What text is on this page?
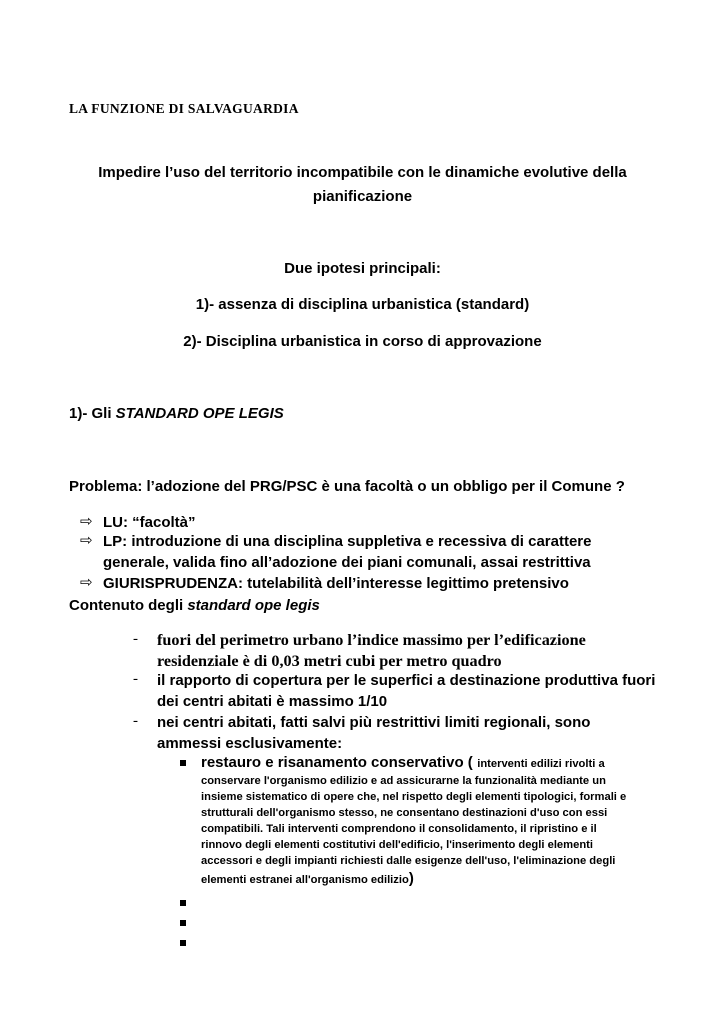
LA FUNZIONE DI SALVAGUARDIA
Impedire l’uso del territorio incompatibile con le dinamiche evolutive della
pianificazione
Due ipotesi principali:
1)- assenza di disciplina urbanistica (standard)
2)- Disciplina urbanistica in corso di approvazione
1)- Gli STANDARD OPE LEGIS
Problema: l’adozione del PRG/PSC è una facoltà o un obbligo per il Comune ?
⇨ LU: “facoltà”
⇨ LP: introduzione di una disciplina suppletiva e recessiva di carattere
generale, valida fino all’adozione dei piani comunali, assai restrittiva
⇨ GIURISPRUDENZA: tutelabilità dell’interesse legittimo pretensivo
Contenuto degli standard ope legis
- fuori del perimetro urbano l’indice massimo per l’edificazione
residenziale è di 0,03 metri cubi per metro quadro
- il rapporto di copertura per le superfici a destinazione produttiva fuori
dei centri abitati è massimo 1/10
- nei centri abitati, fatti salvi più restrittivi limiti regionali, sono
ammessi esclusivamente:
restauro e risanamento conservativo ( interventi edilizi rivolti a
conservare l'organismo edilizio e ad assicurarne la funzionalità mediante un
insieme sistematico di opere che, nel rispetto degli elementi tipologici, formali e
strutturali dell'organismo stesso, ne consentano destinazioni d'uso con essi
compatibili. Tali interventi comprendono il consolidamento, il ripristino e il
rinnovo degli elementi costitutivi dell'edificio, l'inserimento degli elementi
accessori e degli impianti richiesti dalle esigenze dell'uso, l'eliminazione degli
elementi estranei all'organismo edilizio)
